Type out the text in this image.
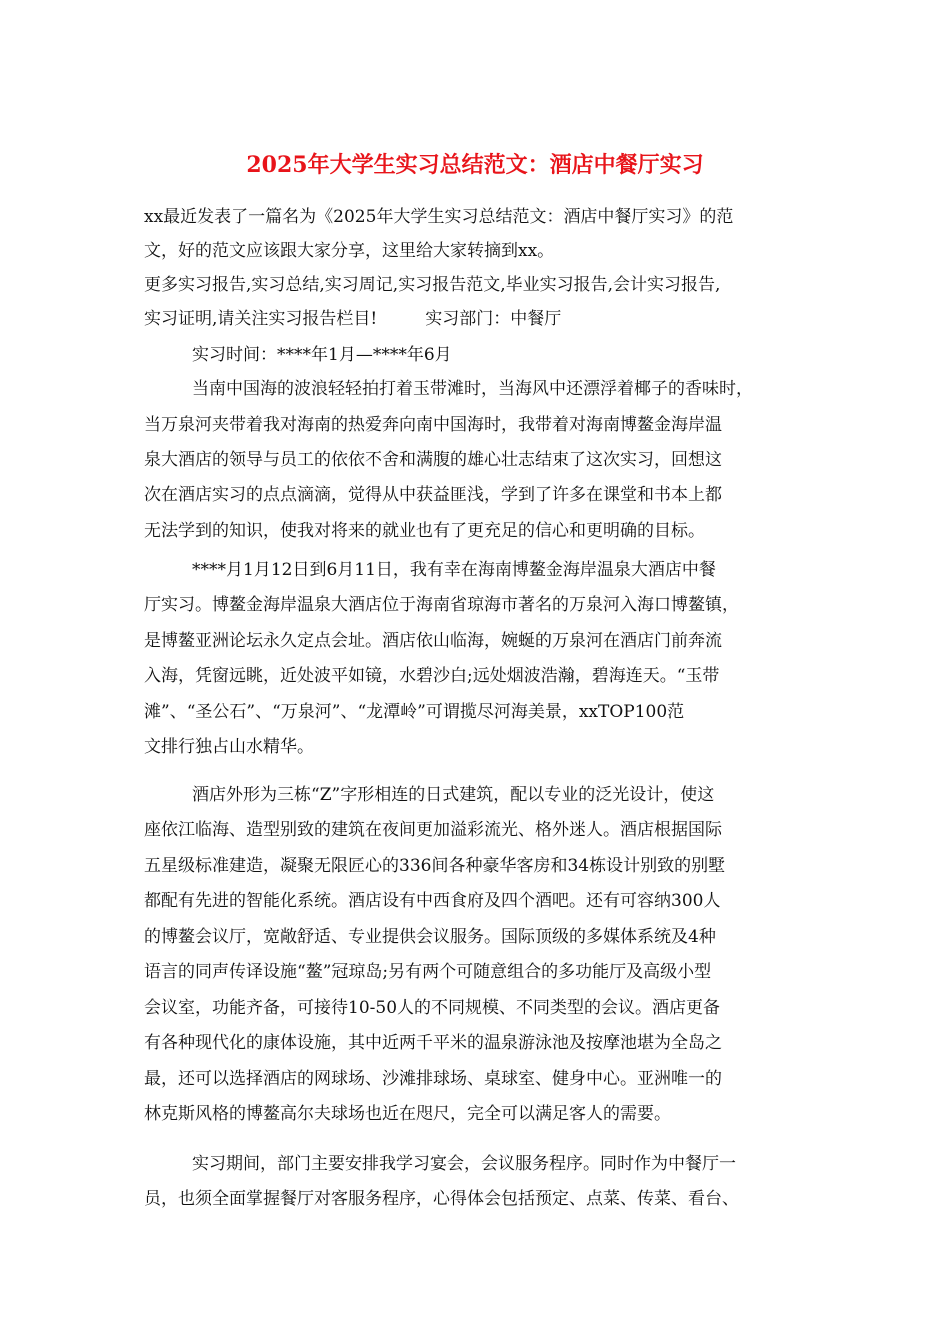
2025年大学生实习总结范文：酒店中餐厅实习
xx最近发表了一篇名为《2025年大学生实习总结范文：酒店中餐厅实习》的范
文，好的范文应该跟大家分享，这里给大家转摘到xx。
更多实习报告,实习总结,实习周记,实习报告范文,毕业实习报告,会计实习报告,
实习证明,请关注实习报告栏目!	实习部门：中餐厅
实习时间：****年1月—****年6月
当南中国海的波浪轻轻拍打着玉带滩时，当海风中还漂浮着椰子的香味时，
当万泉河夹带着我对海南的热爱奔向南中国海时，我带着对海南博鳌金海岸温
泉大酒店的领导与员工的依依不舍和满腹的雄心壮志结束了这次实习，回想这
次在酒店实习的点点滴滴，觉得从中获益匪浅，学到了许多在课堂和书本上都
无法学到的知识，使我对将来的就业也有了更充足的信心和更明确的目标。
****月1月12日到6月11日，我有幸在海南博鳌金海岸温泉大酒店中餐
厅实习。博鳌金海岸温泉大酒店位于海南省琼海市著名的万泉河入海口博鳌镇，
是博鳌亚洲论坛永久定点会址。酒店依山临海，婉蜒的万泉河在酒店门前奔流
入海，凭窗远眺，近处波平如镜，水碧沙白;远处烟波浩瀚，碧海连天。“玉带
滩”、“圣公石”、“万泉河”、“龙潭岭”可谓揽尽河海美景，xxTOP100范
文排行独占山水精华。
酒店外形为三栋“Z”字形相连的日式建筑，配以专业的泛光设计，使这
座依江临海、造型别致的建筑在夜间更加溢彩流光、格外迷人。酒店根据国际
五星级标准建造，凝聚无限匠心的336间各种豪华客房和34栋设计别致的别墅
都配有先进的智能化系统。酒店设有中西食府及四个酒吧。还有可容纳300人
的博鳌会议厅，宽敞舒适、专业提供会议服务。国际顶级的多媒体系统及4种
语言的同声传译设施“鳌”冠琼岛;另有两个可随意组合的多功能厅及高级小型
会议室，功能齐备，可接待10-50人的不同规模、不同类型的会议。酒店更备
有各种现代化的康体设施，其中近两千平米的温泉游泳池及按摩池堪为全岛之
最，还可以选择酒店的网球场、沙滩排球场、桌球室、健身中心。亚洲唯一的
林克斯风格的博鳌高尔夫球场也近在咫尺，完全可以满足客人的需要。
实习期间，部门主要安排我学习宴会，会议服务程序。同时作为中餐厅一
员，也须全面掌握餐厅对客服务程序，心得体会包括预定、点菜、传菜、看台、
